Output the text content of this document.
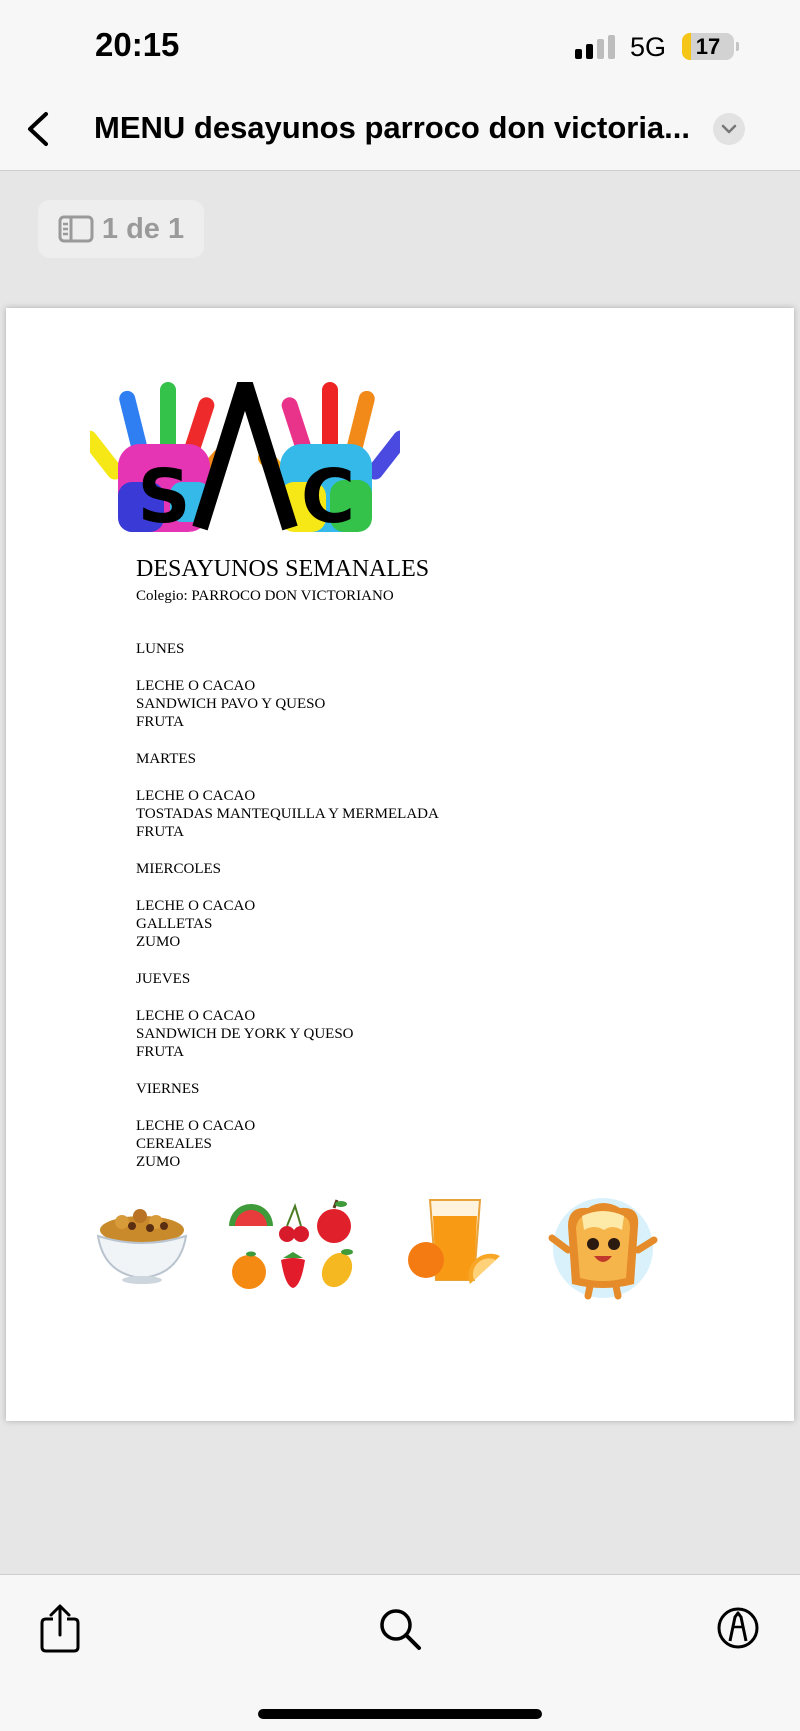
20:15	5G	17
MENU desayunos parroco don victoria...
1 de 1
S C
DESAYUNOS SEMANALES
Colegio: PARROCO DON VICTORIANO
LUNES
LECHE O CACAO
SANDWICH PAVO Y QUESO
FRUTA
MARTES
LECHE O CACAO
TOSTADAS MANTEQUILLA Y MERMELADA
FRUTA
MIERCOLES
LECHE O CACAO
GALLETAS
ZUMO
JUEVES
LECHE O CACAO
SANDWICH DE YORK Y QUESO
FRUTA
VIERNES
LECHE O CACAO
CEREALES
ZUMO
